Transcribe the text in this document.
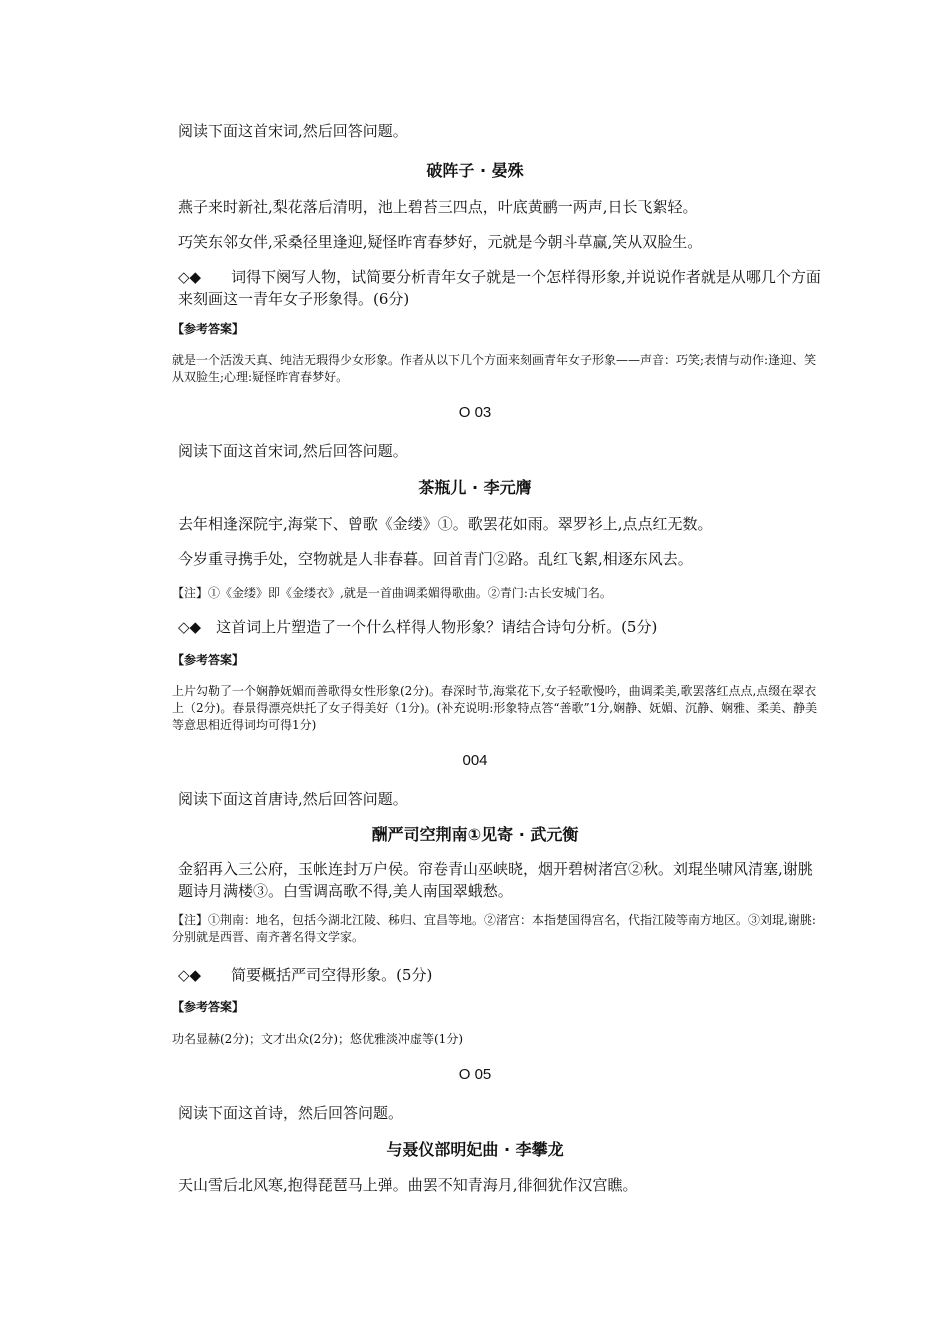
阅读下面这首宋词,然后回答问题。

破阵子 · 晏殊

燕子来时新社,梨花落后清明，池上碧苔三四点，叶底黄鹂一两声,日长飞絮轻。

巧笑东邻女伴,采桑径里逢迎,疑怪昨宵春梦好，元就是今朝斗草赢,笑从双脸生。

◇◆　　词得下阕写人物，试简要分析青年女子就是一个怎样得形象,并说说作者就是从哪几个方面来刻画这一青年女子形象得。(6分)

【参考答案】

就是一个活泼天真、纯洁无瑕得少女形象。作者从以下几个方面来刻画青年女子形象——声音：巧笑;表情与动作:逢迎、笑从双脸生;心理:疑怪昨宵春梦好。

O 03

阅读下面这首宋词,然后回答问题。

茶瓶儿 · 李元膺

去年相逢深院宇,海棠下、曾歌《金缕》①。歌罢花如雨。翠罗衫上,点点红无数。

今岁重寻携手处，空物就是人非春暮。回首青门②路。乱红飞絮,相逐东风去。

【注】①《金缕》即《金缕衣》,就是一首曲调柔媚得歌曲。②青门:古长安城门名。

◇◆　这首词上片塑造了一个什么样得人物形象？请结合诗句分析。(5分)

【参考答案】

上片勾勒了一个娴静妩媚而善歌得女性形象(2分)。春深时节,海棠花下,女子轻歌慢吟，曲调柔美,歌罢落红点点,点缀在翠衣上（2分)。春景得漂亮烘托了女子得美好（1分)。(补充说明:形象特点答“善歌”1分,娴静、妩媚、沉静、娴雅、柔美、静美等意思相近得词均可得1分)

004

阅读下面这首唐诗,然后回答问题。

酬严司空荆南①见寄 · 武元衡

金貂再入三公府，玉帐连封万户侯。帘卷青山巫峡晓，烟开碧树渚宫②秋。刘琨坐啸风清塞,谢朓题诗月满楼③。白雪调高歌不得,美人南国翠蛾愁。

【注】①荆南：地名，包括今湖北江陵、秭归、宜昌等地。②渚宫：本指楚国得宫名，代指江陵等南方地区。③刘琨,谢朓:分别就是西晋、南齐著名得文学家。

◇◆　　简要概括严司空得形象。(5分)

【参考答案】

功名显赫(2分)；文才出众(2分)；悠优雅淡冲虚等(1分)

O 05

阅读下面这首诗，然后回答问题。

与聂仪部明妃曲 · 李攀龙

天山雪后北风寒,抱得琵琶马上弹。曲罢不知青海月,徘徊犹作汉宫瞧。
